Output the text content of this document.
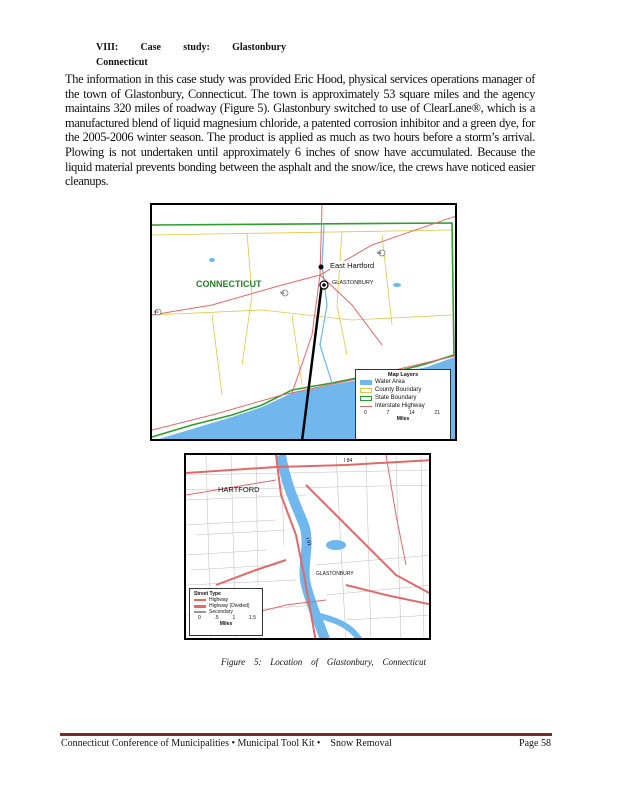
VIII: Case study: Glastonbury
Connecticut
The information in this case study was provided Eric Hood, physical services operations manager of the town of Glastonbury, Connecticut. The town is approximately 53 square miles and the agency maintains 320 miles of roadway (Figure 5). Glastonbury switched to use of ClearLane®, which is a manufactured blend of liquid magnesium chloride, a patented corrosion inhibitor and a green dye, for the 2005-2006 winter season. The product is applied as much as two hours before a storm’s arrival. Plowing is not undertaken until approximately 6 inches of snow have accumulated. Because the liquid material prevents bonding between the asphalt and the snow/ice, the crews have noticed easier cleanups.
CONNECTICUT
East Hartford
GLASTONBURY
91
84
95
Map Layers
Water Area
County Boundary
State Boundary
Interstate Highway
0	7	14	21
Miles
HARTFORD
GLASTONBURY
I 84
I 91
Street Type
Highway
Highway (Divided)
Secondary
0	.5	1	1.5
Miles
Figure 5: Location of Glastonbury, Connecticut
Connecticut Conference of Municipalities • Municipal Tool Kit • Snow Removal	Page 58
